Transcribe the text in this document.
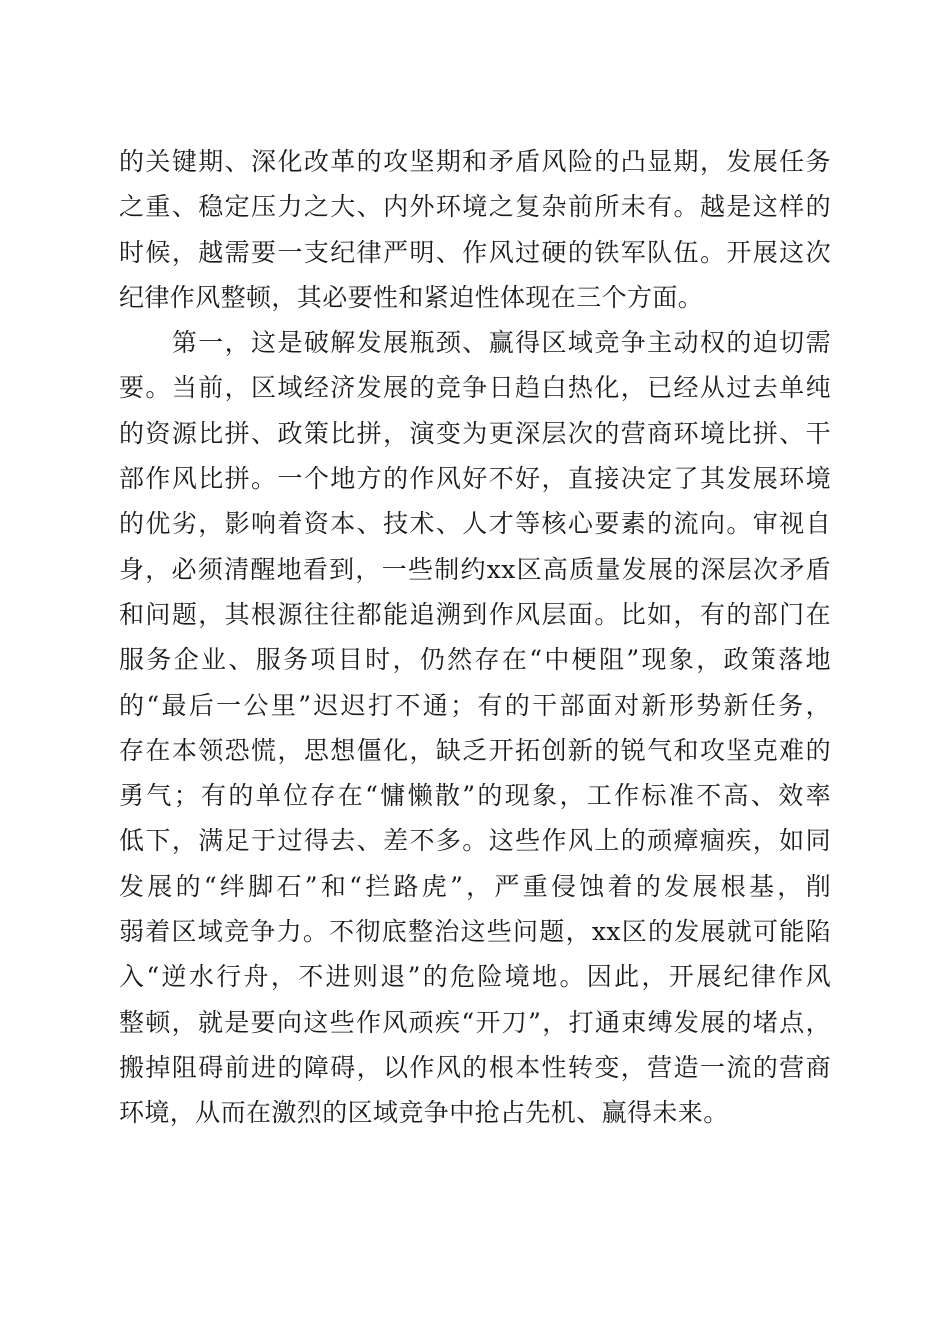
的关键期、深化改革的攻坚期和矛盾风险的凸显期，发展任务
之重、稳定压力之大、内外环境之复杂前所未有。越是这样的
时候，越需要一支纪律严明、作风过硬的铁军队伍。开展这次
纪律作风整顿，其必要性和紧迫性体现在三个方面。
　　第一，这是破解发展瓶颈、赢得区域竞争主动权的迫切需
要。当前，区域经济发展的竞争日趋白热化，已经从过去单纯
的资源比拼、政策比拼，演变为更深层次的营商环境比拼、干
部作风比拼。一个地方的作风好不好，直接决定了其发展环境
的优劣，影响着资本、技术、人才等核心要素的流向。审视自
身，必须清醒地看到，一些制约xx区高质量发展的深层次矛盾
和问题，其根源往往都能追溯到作风层面。比如，有的部门在
服务企业、服务项目时，仍然存在“中梗阻”现象，政策落地
的“最后一公里”迟迟打不通；有的干部面对新形势新任务，
存在本领恐慌，思想僵化，缺乏开拓创新的锐气和攻坚克难的
勇气；有的单位存在“慵懒散”的现象，工作标准不高、效率
低下，满足于过得去、差不多。这些作风上的顽瘴痼疾，如同
发展的“绊脚石”和“拦路虎”，严重侵蚀着的发展根基，削
弱着区域竞争力。不彻底整治这些问题，xx区的发展就可能陷
入“逆水行舟，不进则退”的危险境地。因此，开展纪律作风
整顿，就是要向这些作风顽疾“开刀”，打通束缚发展的堵点，
搬掉阻碍前进的障碍，以作风的根本性转变，营造一流的营商
环境，从而在激烈的区域竞争中抢占先机、赢得未来。
